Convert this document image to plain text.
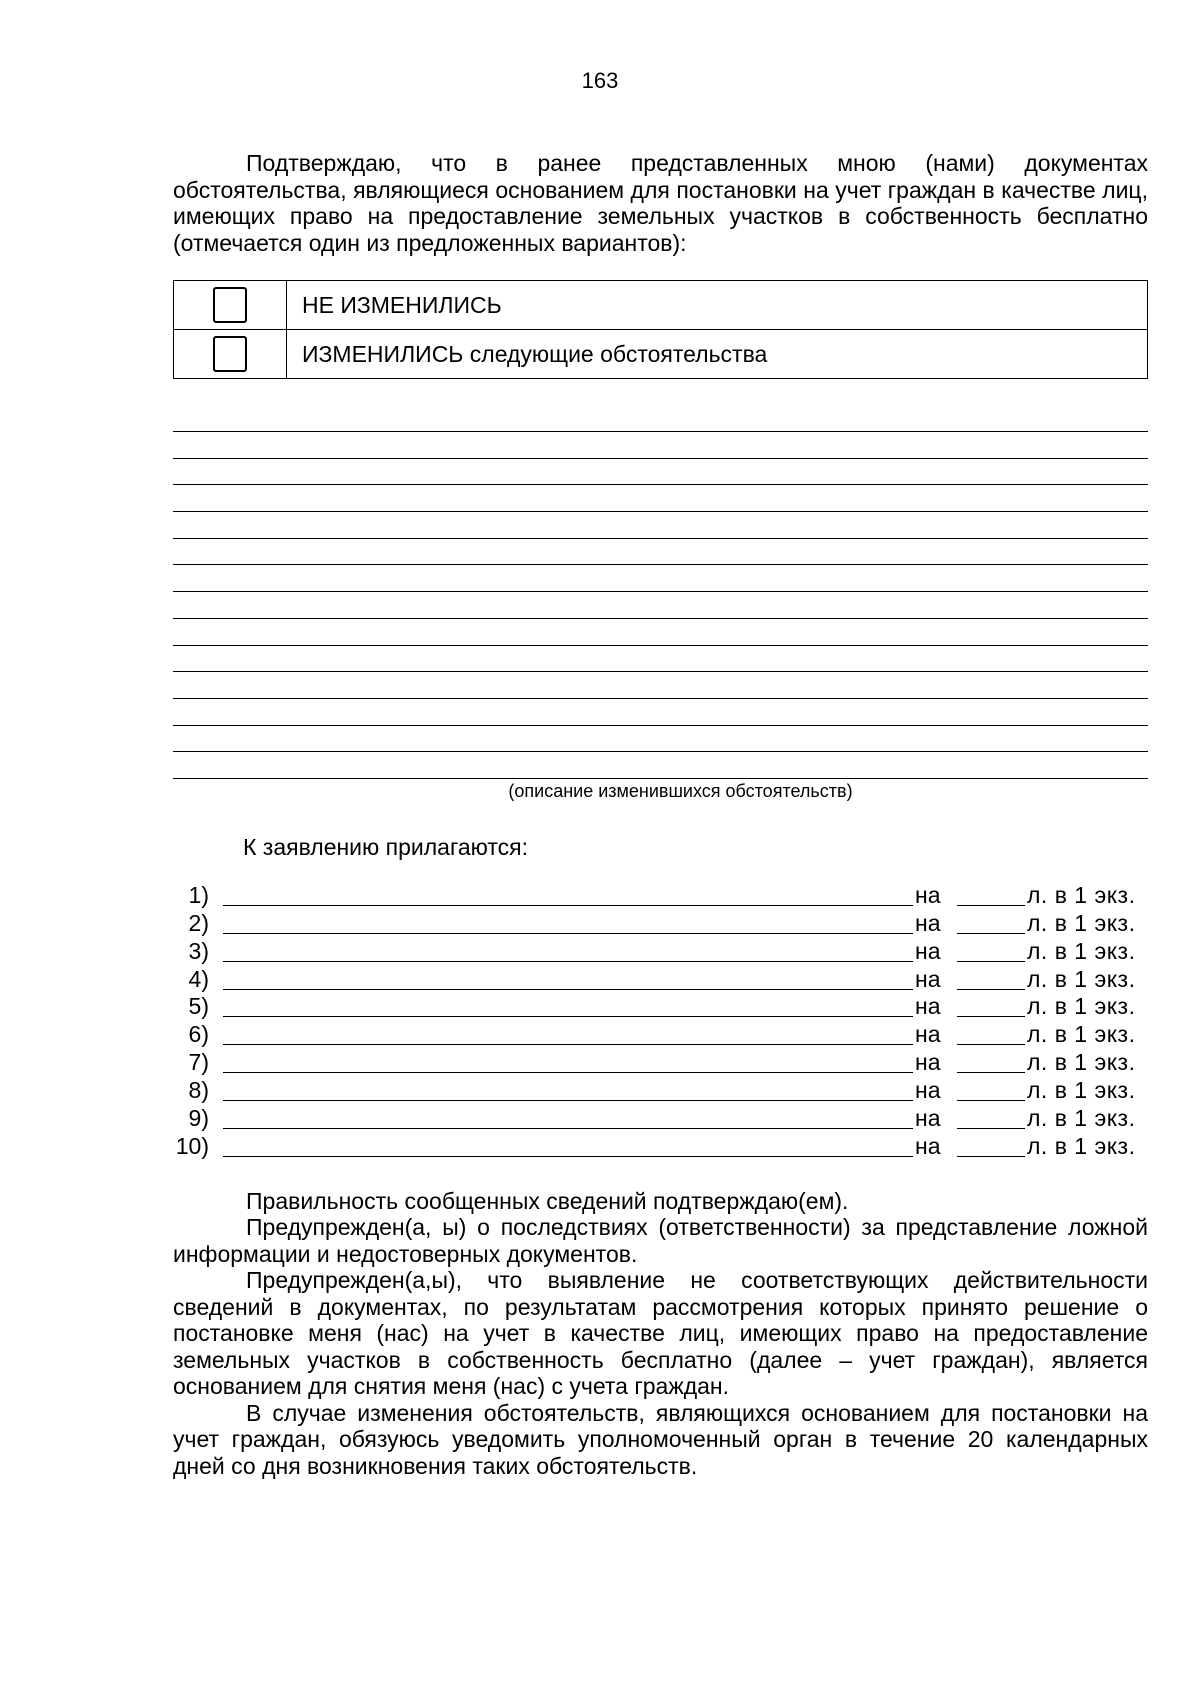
163

Подтверждаю, что в ранее представленных мною (нами) документах обстоятельства, являющиеся основанием для постановки на учет граждан в качестве лиц, имеющих право на предоставление земельных участков в собственность бесплатно (отмечается один из предложенных вариантов):

	НЕ ИЗМЕНИЛИСЬ
	ИЗМЕНИЛИСЬ следующие обстоятельства
(описание изменившихся обстоятельств)
К заявлению прилагаются:
1)	на	л. в 1 экз.
2)	на	л. в 1 экз.
3)	на	л. в 1 экз.
4)	на	л. в 1 экз.
5)	на	л. в 1 экз.
6)	на	л. в 1 экз.
7)	на	л. в 1 экз.
8)	на	л. в 1 экз.
9)	на	л. в 1 экз.
10)	на	л. в 1 экз.

Правильность сообщенных сведений подтверждаю(ем).

Предупрежден(а, ы) о последствиях (ответственности) за представление ложной информации и недостоверных документов.

Предупрежден(а,ы), что выявление не соответствующих действительности сведений в документах, по результатам рассмотрения которых принято решение о постановке меня (нас) на учет в качестве лиц, имеющих право на предоставление земельных участков в собственность бесплатно (далее – учет граждан), является основанием для снятия меня (нас) с учета граждан.

В случае изменения обстоятельств, являющихся основанием для постановки на учет граждан, обязуюсь уведомить уполномоченный орган в течение 20 календарных дней со дня возникновения таких обстоятельств.
